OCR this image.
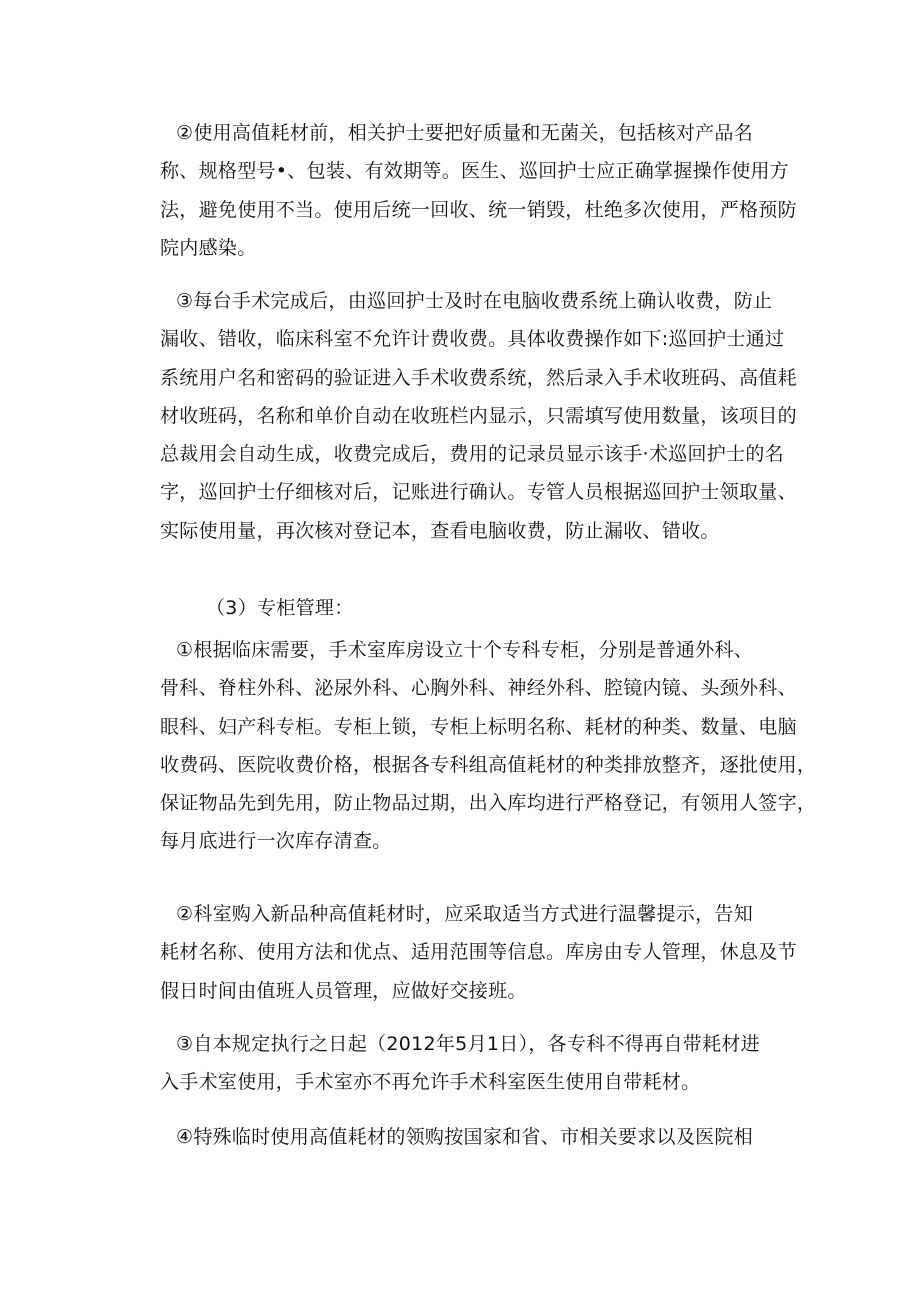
②使用高值耗材前，相关护士要把好质量和无菌关，包括核对产品名
称、规格型号•、包装、有效期等。医生、巡回护士应正确掌握操作使用方
法，避免使用不当。使用后统一回收、统一销毁，杜绝多次使用，严格预防
院内感染。
③每台手术完成后，由巡回护士及时在电脑收费系统上确认收费，防止
漏收、错收，临床科室不允许计费收费。具体收费操作如下:巡回护士通过
系统用户名和密码的验证进入手术收费系统，然后录入手术收班码、高值耗
材收班码，名称和单价自动在收班栏内显示，只需填写使用数量，该项目的
总裁用会自动生成，收费完成后，费用的记录员显示该手·术巡回护士的名
字，巡回护士仔细核对后，记账进行确认。专管人员根据巡回护士领取量、
实际使用量，再次核对登记本，查看电脑收费，防止漏收、错收。
（3）专柜管理：
①根据临床需要，手术室库房设立十个专科专柜，分别是普通外科、
骨科、脊柱外科、泌尿外科、心胸外科、神经外科、腔镜内镜、头颈外科、
眼科、妇产科专柜。专柜上锁，专柜上标明名称、耗材的种类、数量、电脑
收费码、医院收费价格，根据各专科组高值耗材的种类排放整齐，逐批使用，
保证物品先到先用，防止物品过期，出入库均进行严格登记，有领用人签字，
每月底进行一次库存清查。
②科室购入新品种高值耗材时，应采取适当方式进行温馨提示，告知
耗材名称、使用方法和优点、适用范围等信息。库房由专人管理，休息及节
假日时间由值班人员管理，应做好交接班。
③自本规定执行之日起（2012年5月1日），各专科不得再自带耗材进
入手术室使用，手术室亦不再允许手术科室医生使用自带耗材。
④特殊临时使用高值耗材的领购按国家和省、市相关要求以及医院相
